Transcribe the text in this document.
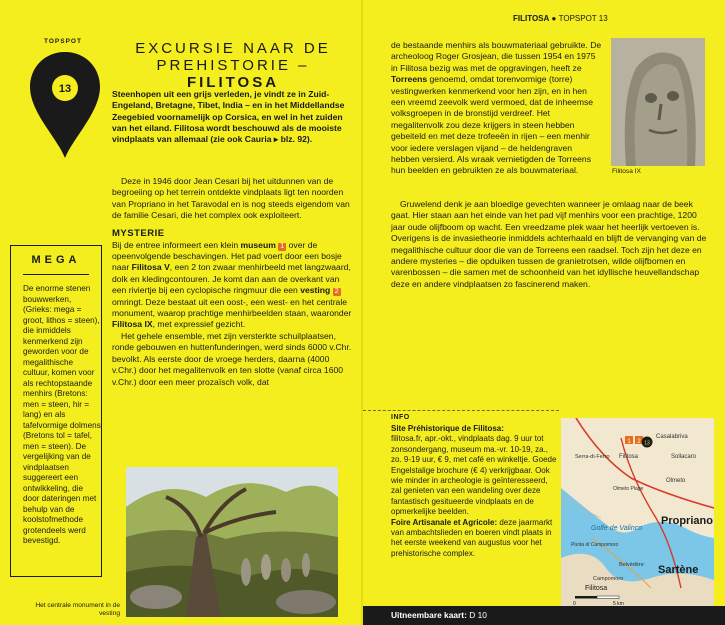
13
TOPSPOT	EXCURSIE NAAR DE
PREHISTORIE – FILITOSA

Steenhopen uit een grijs verleden, je vindt ze in Zuid-Engeland, Bretagne, Tibet, India – en in het Middellandse Zeegebied voornamelijk op Corsica, en wel in het zuiden van het eiland. Filitosa wordt beschouwd als de mooiste vindplaats van allemaal (zie ook Cauria ▸ blz. 92).

Deze in 1946 door Jean Cesari bij het uitdunnen van de begroeiing op het terrein ontdekte vindplaats ligt ten noorden van Propriano in het Taravodal en is nog steeds eigendom van de familie Cesari, die het complex ook exploiteert.

MYSTERIE

Bij de entree informeert een klein museum 1 over de opeenvolgende beschavingen. Het pad voert door een bosje naar Filitosa V, een 2 ton zwaar menhirbeeld met langzwaard, dolk en kledingcontouren. Je komt dan aan de overkant van een riviertje bij een cyclopische ringmuur die een vesting 2 omringt. Deze bestaat uit een oost-, een west- en het centrale monument, waarop prachtige menhirbeelden staan, waaronder Filitosa IX, met expressief gezicht.

Het gehele ensemble, met zijn versterkte schuilplaatsen, ronde gebouwen en huttenfunderingen, werd sinds 6000 v.Chr. bevolkt. Als eerste door de vroege herders, daarna (4000 v.Chr.) door het megalitenvolk en ten slotte (vanaf circa 1600 v.Chr.) door een meer prozaïsch volk, dat

MEGA
De enorme stenen bouwwerken, (Grieks: mega = groot, lithos = steen), die inmiddels kenmerkend zijn geworden voor de megalithische cultuur, komen voor als rechtopstaande menhirs (Bretons: men = steen, hir = lang) en als tafelvormige dolmens (Bretons tol = tafel, men = steen). De vergelijking van de vindplaatsen suggereert een ontwikkeling, die door dateringen met behulp van de koolstofmethode grotendeels werd bevestigd.
Het centrale monument in de vesting
FILITOSA ● TOPSPOT 13

de bestaande menhirs als bouwmateriaal gebruikte. De archeoloog Roger Grosjean, die tussen 1954 en 1975 in Filitosa bezig was met de opgravingen, heeft ze Torreens genoemd, omdat torenvormige (torre) vestingwerken kenmerkend voor hen zijn, en in hen een vreemd zeevolk werd vermoed, dat de inheemse volksgroepen in de bronstijd verdreef. Het megalitenvolk zou deze krijgers in steen hebben gebeiteld en met deze trofeeën in rijen – een menhir voor iedere verslagen vijand – de heldengraven hebben versierd. Als wraak vernietigden de Torreens hun beelden en gebruikten ze als bouwmateriaal.

Gruwelend denk je aan bloedige gevechten wanneer je omlaag naar de beek gaat. Hier staan aan het einde van het pad vijf menhirs voor een prachtige, 1200 jaar oude olijfboom op wacht. Een vreedzame plek waar het heerlijk vertoeven is.

Overigens is de invasietheorie inmiddels achterhaald en blijft de vervanging van de megalithische cultuur door die van de Torreens een raadsel. Toch zijn het deze en andere mysteries – die opduiken tussen de granietrotsen, wilde olijfbomen en varenbossen – die samen met de schoonheid van het idyllische heuvellandschap deze en andere vindplaatsen zo fascinerend maken.

Filitosa IX
INFO

Site Préhistorique de Filitosa:
filitosa.fr, apr.-okt., vindplaats dag. 9 uur tot zonsondergang, museum ma.-vr. 10-19, za., zo. 9-19 uur, € 9, met café en winkeltje. Goede Engelstalige brochure (€ 4) verkrijgbaar. Ook wie minder in archeologie is geïnteresseerd, zal genieten van een wandeling over deze fantastisch gesitueerde vindplaats en de opmerkelijke beelden.

Foire Artisanale et Agricole: deze jaarmarkt van ambachtslieden en boeren vindt plaats in het eerste weekend van augustus voor het prehistorische complex.

Casalabriva
Sollacaro
Serra-di-Ferro Filitosa
Olmeto Plage
Olmeto
Golfe de Valinco
Propriano
Punta di Campomoro
Belvédère
Campomoro
Sartène
Filitosa
1 2 13
0	5 km
Uitneembare kaart: D 10
